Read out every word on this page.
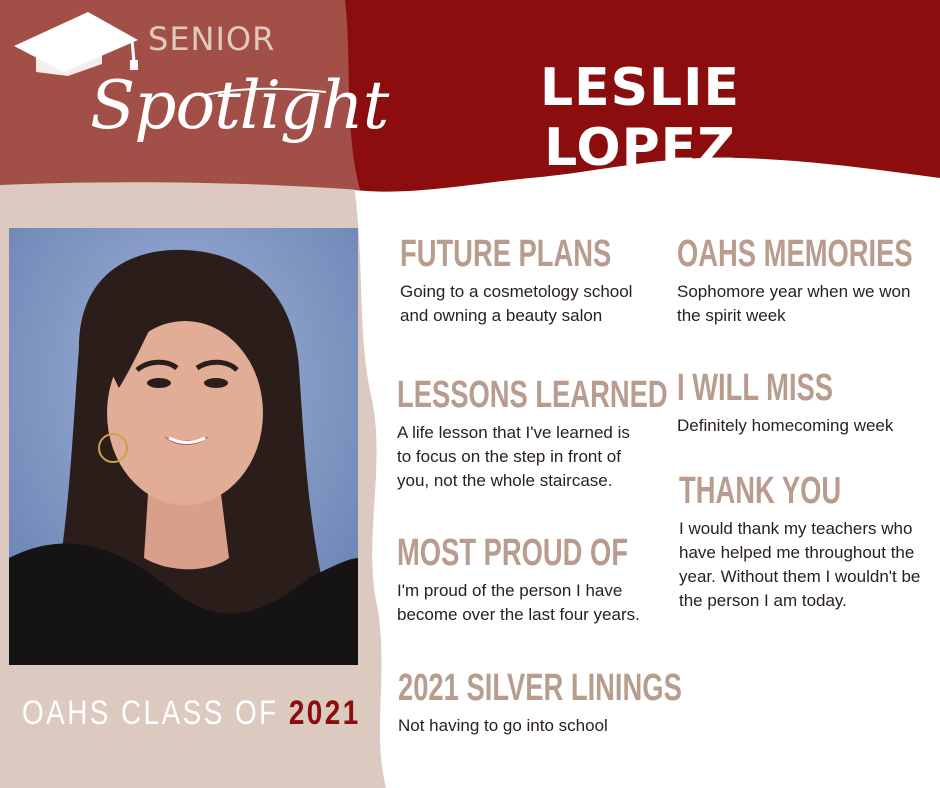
SENIOR
Spotlight	LESLIE LOPEZ
OAHS CLASS OF 2021
FUTURE PLANS

Going to a cosmetology school and owning a beauty salon

LESSONS LEARNED

A life lesson that I've learned is to focus on the step in front of you, not the whole staircase.

MOST PROUD OF

I'm proud of the person I have become over the last four years.

2021 SILVER LININGS

Not having to go into school

OAHS MEMORIES

Sophomore year when we won the spirit week

I WILL MISS

Definitely homecoming week

THANK YOU

I would thank my teachers who have helped me throughout the year. Without them I wouldn't be the person I am today.
